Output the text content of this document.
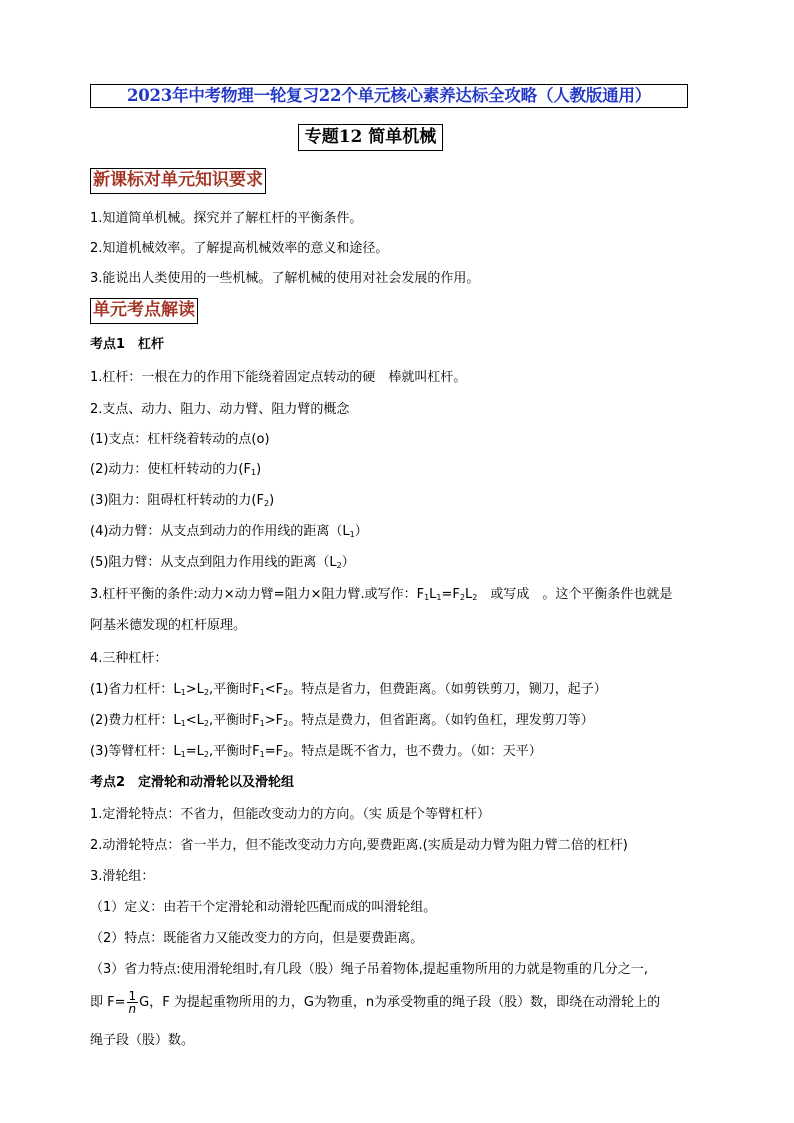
2023年中考物理一轮复习22个单元核心素养达标全攻略（人教版通用）
专题12 简单机械
新课标对单元知识要求
1.知道简单机械。探究并了解杠杆的平衡条件。
2.知道机械效率。了解提高机械效率的意义和途径。
3.能说出人类使用的一些机械。了解机械的使用对社会发展的作用。
单元考点解读
考点1　杠杆
1.杠杆：一根在力的作用下能绕着固定点转动的硬　棒就叫杠杆。
2.支点、动力、阻力、动力臂、阻力臂的概念
(1)支点：杠杆绕着转动的点(o)
(2)动力：使杠杆转动的力$(F_1)$
(3)阻力：阻碍杠杆转动的力$(F_2)$
(4)动力臂：从支点到动力的作用线的距离$(L_1)$
(5)阻力臂：从支点到阻力作用线的距离$(L_2)$
3.杠杆平衡的条件:动力×动力臂=阻力×阻力臂.或写作：$F_1L_1=F_2L_2$　或写成　。这个平衡条件也就是
阿基米德发现的杠杆原理。
4.三种杠杆：
(1)省力杠杆：$L_1>L_2$,平衡时$F_1<F_2$。特点是省力，但费距离。（如剪铁剪刀，铡刀，起子）
(2)费力杠杆：$L_1<L_2$,平衡时$F_1>F_2$。特点是费力，但省距离。（如钓鱼杠，理发剪刀等）
(3)等臂杠杆：$L_1=L_2$,平衡时$F_1=F_2$。特点是既不省力，也不费力。（如：天平）
考点2　定滑轮和动滑轮以及滑轮组
1.定滑轮特点：不省力，但能改变动力的方向。（实 质是个等臂杠杆）
2.动滑轮特点：省一半力，但不能改变动力方向,要费距离.(实质是动力臂为阻力臂二倍的杠杆)
3.滑轮组：
（1）定义：由若干个定滑轮和动滑轮匹配而成的叫滑轮组。
（2）特点：既能省力又能改变力的方向，但是要费距离。
（3）省力特点:使用滑轮组时,有几段（股）绳子吊着物体,提起重物所用的力就是物重的几分之一,
即 $F= \frac{1}{n}$ G，F 为提起重物所用的力，G为物重，n为承受物重的绳子段（股）数，即绕在动滑轮上的
绳子段（股）数。
